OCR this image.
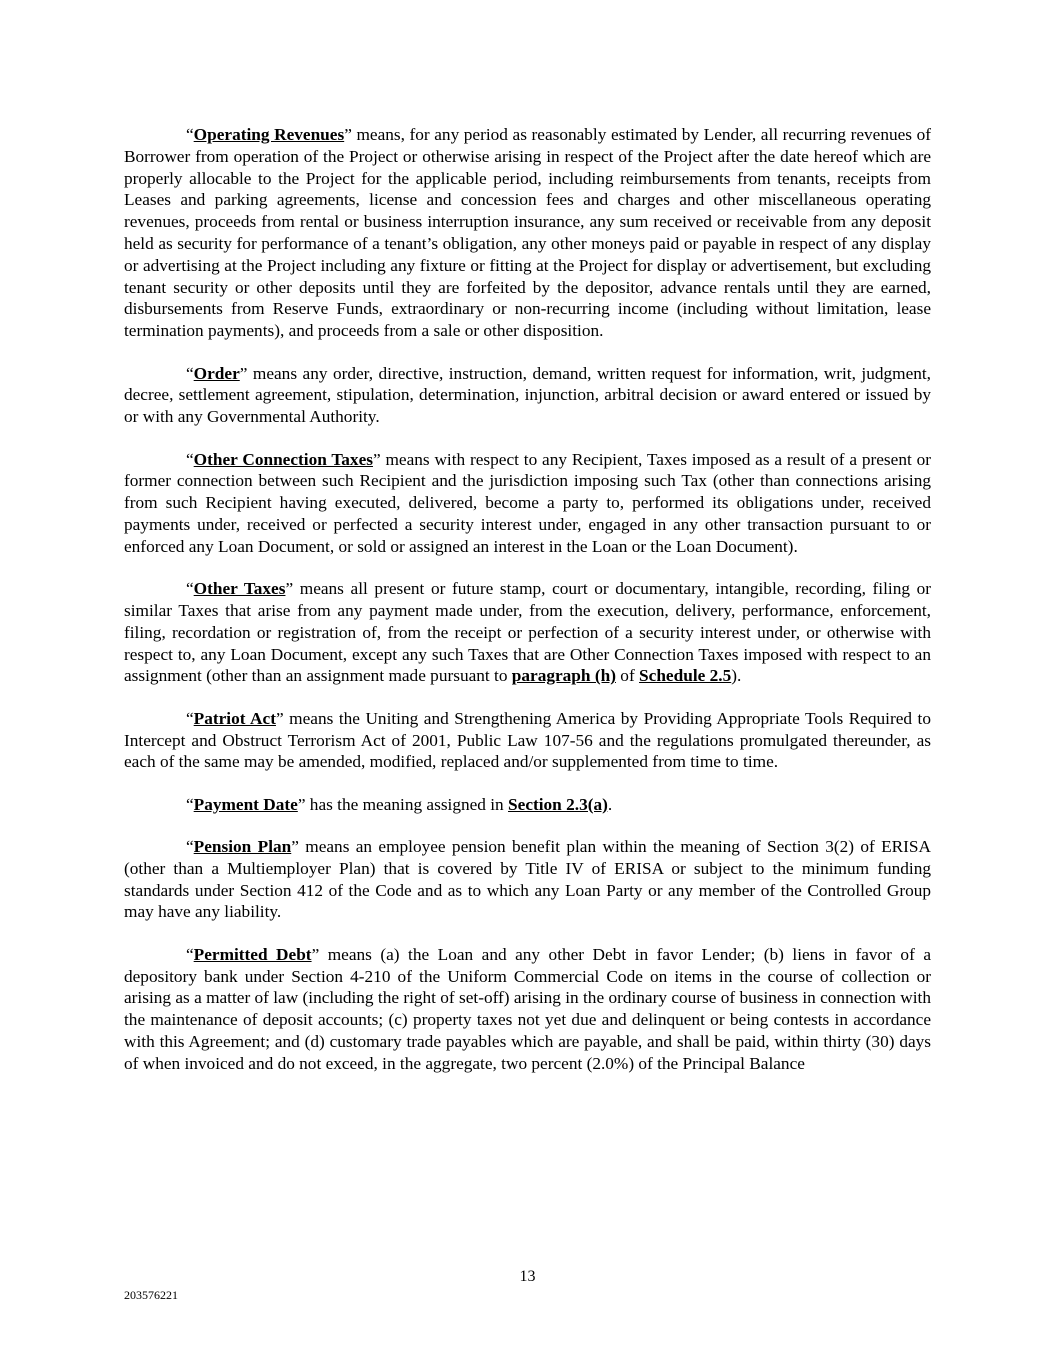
“Operating Revenues” means, for any period as reasonably estimated by Lender, all recurring revenues of Borrower from operation of the Project or otherwise arising in respect of the Project after the date hereof which are properly allocable to the Project for the applicable period, including reimbursements from tenants, receipts from Leases and parking agreements, license and concession fees and charges and other miscellaneous operating revenues, proceeds from rental or business interruption insurance, any sum received or receivable from any deposit held as security for performance of a tenant’s obligation, any other moneys paid or payable in respect of any display or advertising at the Project including any fixture or fitting at the Project for display or advertisement, but excluding tenant security or other deposits until they are forfeited by the depositor, advance rentals until they are earned, disbursements from Reserve Funds, extraordinary or non-recurring income (including without limitation, lease termination payments), and proceeds from a sale or other disposition.

“Order” means any order, directive, instruction, demand, written request for information, writ, judgment, decree, settlement agreement, stipulation, determination, injunction, arbitral decision or award entered or issued by or with any Governmental Authority.

“Other Connection Taxes” means with respect to any Recipient, Taxes imposed as a result of a present or former connection between such Recipient and the jurisdiction imposing such Tax (other than connections arising from such Recipient having executed, delivered, become a party to, performed its obligations under, received payments under, received or perfected a security interest under, engaged in any other transaction pursuant to or enforced any Loan Document, or sold or assigned an interest in the Loan or the Loan Document).

“Other Taxes” means all present or future stamp, court or documentary, intangible, recording, filing or similar Taxes that arise from any payment made under, from the execution, delivery, performance, enforcement, filing, recordation or registration of, from the receipt or perfection of a security interest under, or otherwise with respect to, any Loan Document, except any such Taxes that are Other Connection Taxes imposed with respect to an assignment (other than an assignment made pursuant to paragraph (h) of Schedule 2.5).

“Patriot Act” means the Uniting and Strengthening America by Providing Appropriate Tools Required to Intercept and Obstruct Terrorism Act of 2001, Public Law 107-56 and the regulations promulgated thereunder, as each of the same may be amended, modified, replaced and/or supplemented from time to time.

“Payment Date” has the meaning assigned in Section 2.3(a).

“Pension Plan” means an employee pension benefit plan within the meaning of Section 3(2) of ERISA (other than a Multiemployer Plan) that is covered by Title IV of ERISA or subject to the minimum funding standards under Section 412 of the Code and as to which any Loan Party or any member of the Controlled Group may have any liability.

“Permitted Debt” means (a) the Loan and any other Debt in favor Lender; (b) liens in favor of a depository bank under Section 4-210 of the Uniform Commercial Code on items in the course of collection or arising as a matter of law (including the right of set-off) arising in the ordinary course of business in connection with the maintenance of deposit accounts; (c) property taxes not yet due and delinquent or being contests in accordance with this Agreement; and (d) customary trade payables which are payable, and shall be paid, within thirty (30) days of when invoiced and do not exceed, in the aggregate, two percent (2.0%) of the Principal Balance

13
203576221
